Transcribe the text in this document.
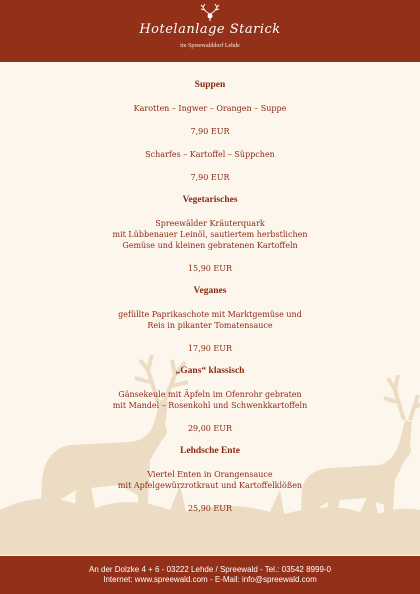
Hotelanlage Starick
im Spreewalddorf Lehde
Suppen
Karotten – Ingwer – Orangen – Suppe
7,90 EUR
Scharfes – Kartoffel – Süppchen
7,90 EUR
Vegetarisches
Spreewälder Kräuterquark
mit Lübbenauer Leinöl, sautiertem herbstlichen
Gemüse und kleinen gebratenen Kartoffeln
15,90 EUR
Veganes
gefüllte Paprikaschote mit Marktgemüse und
Reis in pikanter Tomatensauce
17,90 EUR
„Gans“ klassisch
Gänsekeule mit Äpfeln im Ofenrohr gebraten
mit Mandel – Rosenkohl und Schwenkkartoffeln
29,00 EUR
Lehdsche Ente
Viertel Enten in Orangensauce
mit Apfelgewürzrotkraut und Kartoffelklößen
25,90 EUR
An der Dolzke 4 + 6 - 03222 Lehde / Spreewald - Tel.: 03542 8999-0
Internet: www.spreewald.com - E-Mail: info@spreewald.com
